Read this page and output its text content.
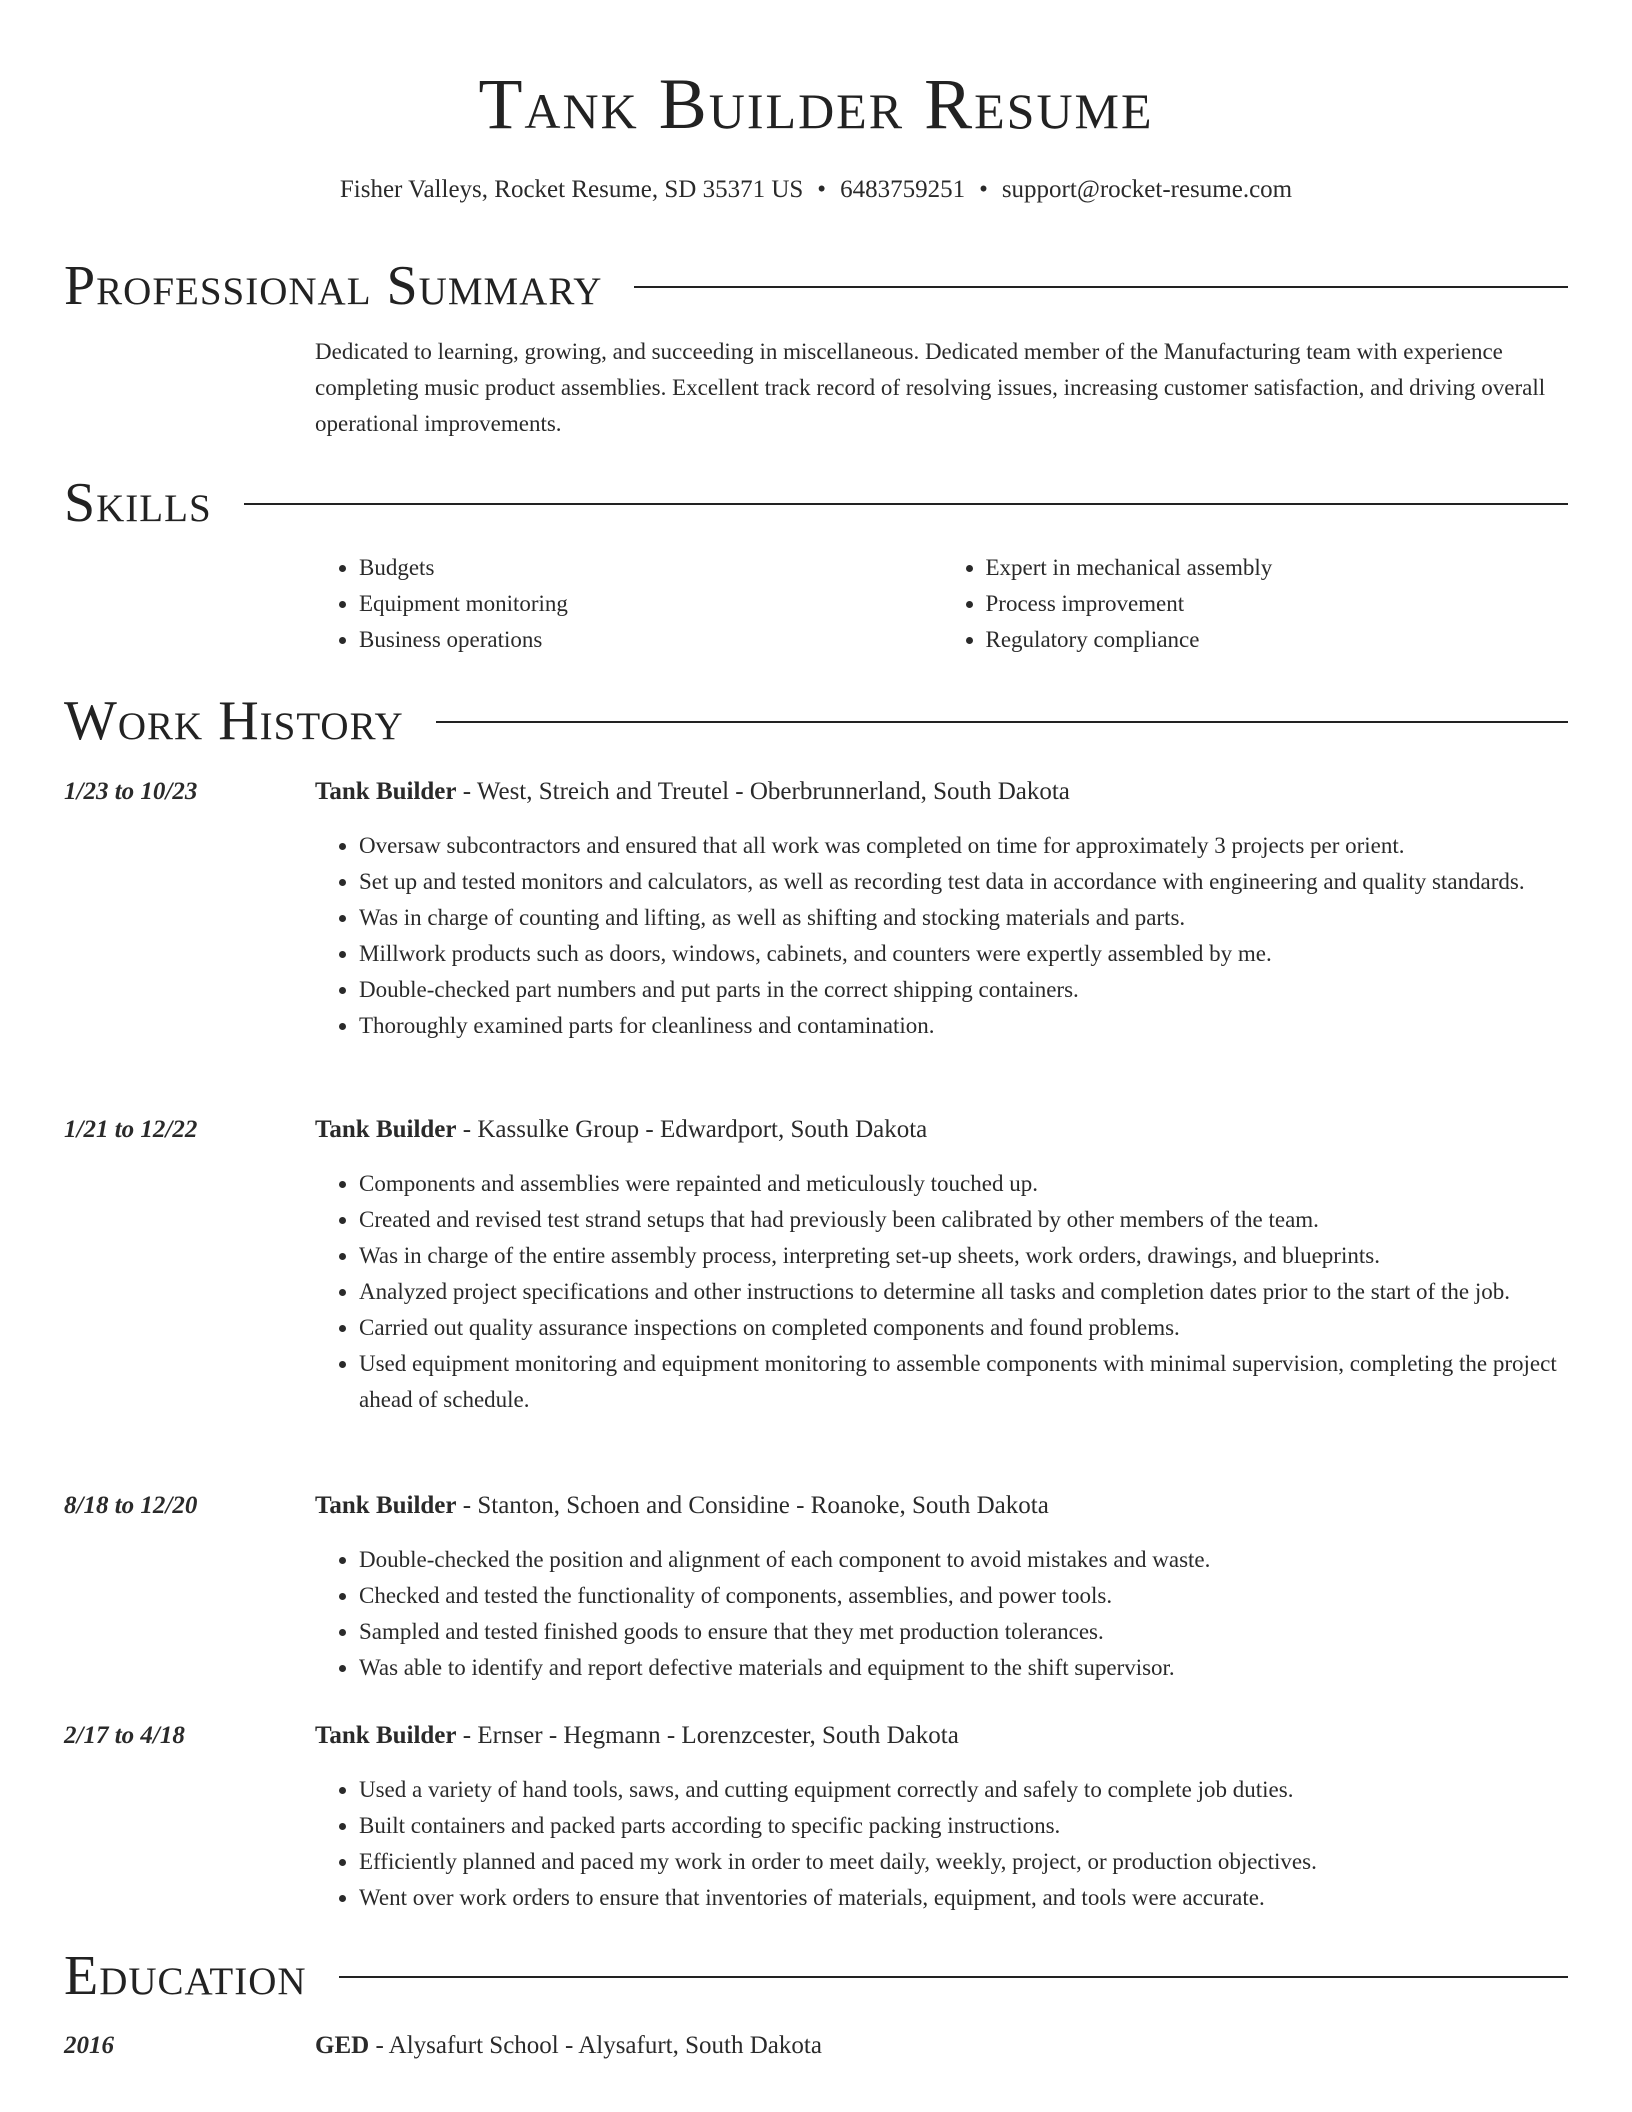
Tank Builder Resume
Fisher Valleys, Rocket Resume, SD 35371 US • 6483759251 • support@rocket-resume.com
Professional Summary

Dedicated to learning, growing, and succeeding in miscellaneous. Dedicated member of the Manufacturing team with experience completing music product assemblies. Excellent track record of resolving issues, increasing customer satisfaction, and driving overall operational improvements.

Skills
• Budgets
• Equipment monitoring
• Business operations
• Expert in mechanical assembly
• Process improvement
• Regulatory compliance
Work History
1/23 to 10/23	Tank Builder - West, Streich and Treutel - Oberbrunnerland, South Dakota
• Oversaw subcontractors and ensured that all work was completed on time for approximately 3 projects per orient.
• Set up and tested monitors and calculators, as well as recording test data in accordance with engineering and quality standards.
• Was in charge of counting and lifting, as well as shifting and stocking materials and parts.
• Millwork products such as doors, windows, cabinets, and counters were expertly assembled by me.
• Double-checked part numbers and put parts in the correct shipping containers.
• Thoroughly examined parts for cleanliness and contamination.
1/21 to 12/22	Tank Builder - Kassulke Group - Edwardport, South Dakota
• Components and assemblies were repainted and meticulously touched up.
• Created and revised test strand setups that had previously been calibrated by other members of the team.
• Was in charge of the entire assembly process, interpreting set-up sheets, work orders, drawings, and blueprints.
• Analyzed project specifications and other instructions to determine all tasks and completion dates prior to the start of the job.
• Carried out quality assurance inspections on completed components and found problems.
• Used equipment monitoring and equipment monitoring to assemble components with minimal supervision, completing the project ahead of schedule.
8/18 to 12/20	Tank Builder - Stanton, Schoen and Considine - Roanoke, South Dakota
• Double-checked the position and alignment of each component to avoid mistakes and waste.
• Checked and tested the functionality of components, assemblies, and power tools.
• Sampled and tested finished goods to ensure that they met production tolerances.
• Was able to identify and report defective materials and equipment to the shift supervisor.
2/17 to 4/18	Tank Builder - Ernser - Hegmann - Lorenzcester, South Dakota
• Used a variety of hand tools, saws, and cutting equipment correctly and safely to complete job duties.
• Built containers and packed parts according to specific packing instructions.
• Efficiently planned and paced my work in order to meet daily, weekly, project, or production objectives.
• Went over work orders to ensure that inventories of materials, equipment, and tools were accurate.
Education
2016	GED - Alysafurt School - Alysafurt, South Dakota
